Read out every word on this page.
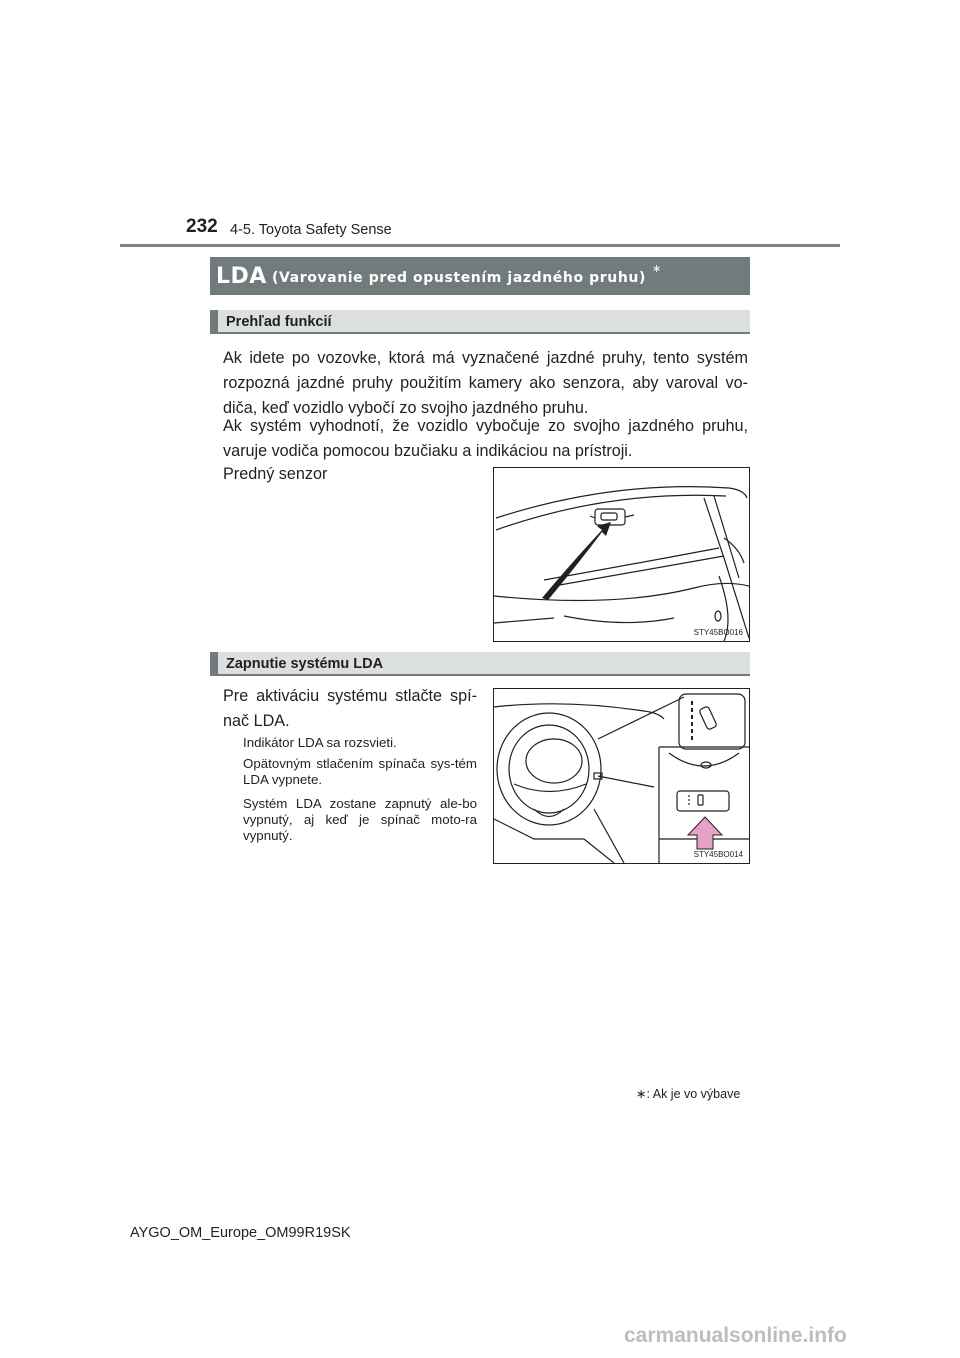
232 4-5. Toyota Safety Sense
LDA (Varovanie pred opustením jazdného pruhu)
∗
Prehľad funkcií
Ak idete po vozovke, ktorá má vyznačené jazdné pruhy, tento systém rozpozná jazdné pruhy použitím kamery ako senzora, aby varoval vo-diča, keď vozidlo vybočí zo svojho jazdného pruhu.
Ak systém vyhodnotí, že vozidlo vybočuje zo svojho jazdného pruhu, varuje vodiča pomocou bzučiaku a indikáciou na prístroji.
Predný senzor
STY45BO016
Zapnutie systému LDA
Pre aktiváciu systému stlačte spí-nač LDA.
Indikátor LDA sa rozsvieti.
Opätovným stlačením spínača sys-tém LDA vypnete.
Systém LDA zostane zapnutý ale-bo vypnutý, aj keď je spínač moto-ra vypnutý.
STY45BO014
∗: Ak je vo výbave
AYGO_OM_Europe_OM99R19SK
carmanualsonline.info
